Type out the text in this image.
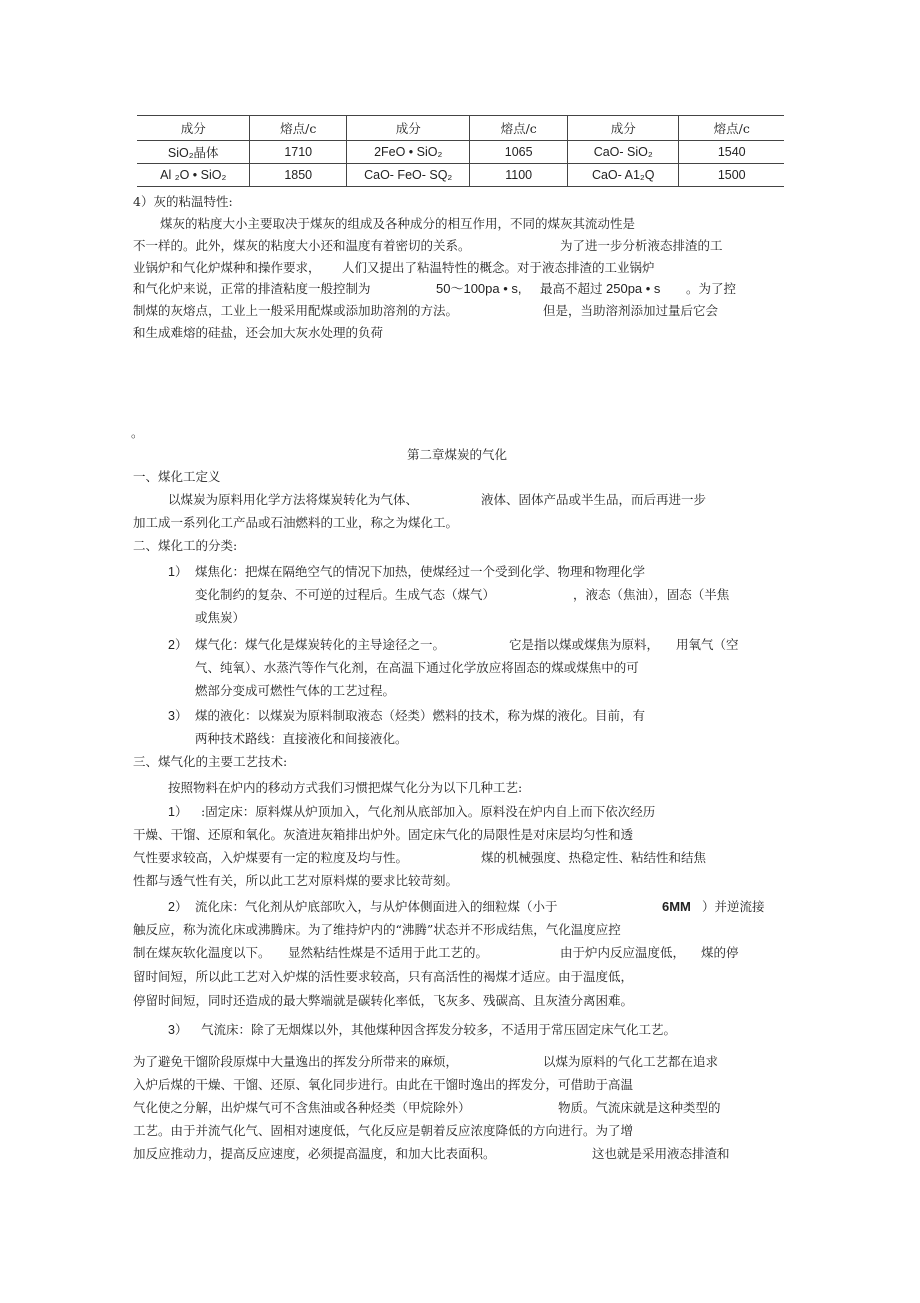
成分	熔点/c	成分	熔点/c	成分	熔点/c
SiO₂晶体	1710	2FeO • SiO₂	1065	CaO- SiO₂	1540
Al ₂O • SiO₂	1850	CaO- FeO- SQ₂	1100	CaO- A1₂Q	1500
4）灰的粘温特性:
煤灰的粘度大小主要取决于煤灰的组成及各种成分的相互作用，不同的煤灰其流动性是
不一样的。此外，煤灰的粘度大小还和温度有着密切的关系。	为了进一步分析液态排渣的工
业锅炉和气化炉煤种和操作要求， 人们又提出了粘温特性的概念。对于液态排渣的工业锅炉
和气化炉来说，正常的排渣粘度一般控制为	50～100pa • s, 最高不超过 250pa • s 。为了控
制煤的灰熔点，工业上一般采用配煤或添加助溶剂的方法。	但是，当助溶剂添加过量后它会
和生成难熔的硅盐，还会加大灰水处理的负荷
。
第二章煤炭的气化
一、煤化工定义
以煤炭为原料用化学方法将煤炭转化为气体、	液体、固体产品或半生品，而后再进一步
加工成一系列化工产品或石油燃料的工业，称之为煤化工。
二、煤化工的分类:
1） 煤焦化：把煤在隔绝空气的情况下加热，使煤经过一个受到化学、物理和物理化学
变化制约的复杂、不可逆的过程后。生成气态（煤气）	，液态（焦油），固态（半焦
或焦炭）
2） 煤气化：煤气化是煤炭转化的主导途径之一。	它是指以煤或煤焦为原料， 用氧气（空
气、纯氧）、水蒸汽等作气化剂，在高温下通过化学放应将固态的煤或煤焦中的可
燃部分变成可燃性气体的工艺过程。
3） 煤的液化：以煤炭为原料制取液态（烃类）燃料的技术，称为煤的液化。目前，有
两种技术路线：直接液化和间接液化。
三、煤气化的主要工艺技术:
按照物料在炉内的移动方式我们习惯把煤气化分为以下几种工艺:
1） :固定床：原料煤从炉顶加入，气化剂从底部加入。原料没在炉内自上而下依次经历
干燥、干馏、还原和氧化。灰渣进灰箱排出炉外。固定床气化的局限性是对床层均匀性和透
气性要求较高，入炉煤要有一定的粒度及均与性。	煤的机械强度、热稳定性、粘结性和结焦
性都与透气性有关，所以此工艺对原料煤的要求比较苛刻。
2） 流化床：气化剂从炉底部吹入，与从炉体侧面进入的细粒煤（小于	6MM ）并逆流接
触反应，称为流化床或沸腾床。为了维持炉内的“沸腾”状态并不形成结焦，气化温度应控
制在煤灰软化温度以下。 显然粘结性煤是不适用于此工艺的。	由于炉内反应温度低， 煤的停
留时间短，所以此工艺对入炉煤的活性要求较高，只有高活性的褐煤才适应。由于温度低，
停留时间短，同时还造成的最大弊端就是碳转化率低，飞灰多、残碳高、且灰渣分离困难。
3） 气流床：除了无烟煤以外，其他煤种因含挥发分较多，不适用于常压固定床气化工艺。
为了避免干馏阶段原煤中大量逸出的挥发分所带来的麻烦，	以煤为原料的气化工艺都在追求
入炉后煤的干燥、干馏、还原、氧化同步进行。由此在干馏时逸出的挥发分，可借助于高温
气化使之分解，出炉煤气可不含焦油或各种烃类（甲烷除外）	物质。气流床就是这种类型的
工艺。由于并流气化气、固相对速度低，气化反应是朝着反应浓度降低的方向进行。为了增
加反应推动力，提高反应速度，必须提高温度，和加大比表面积。	这也就是采用液态排渣和
